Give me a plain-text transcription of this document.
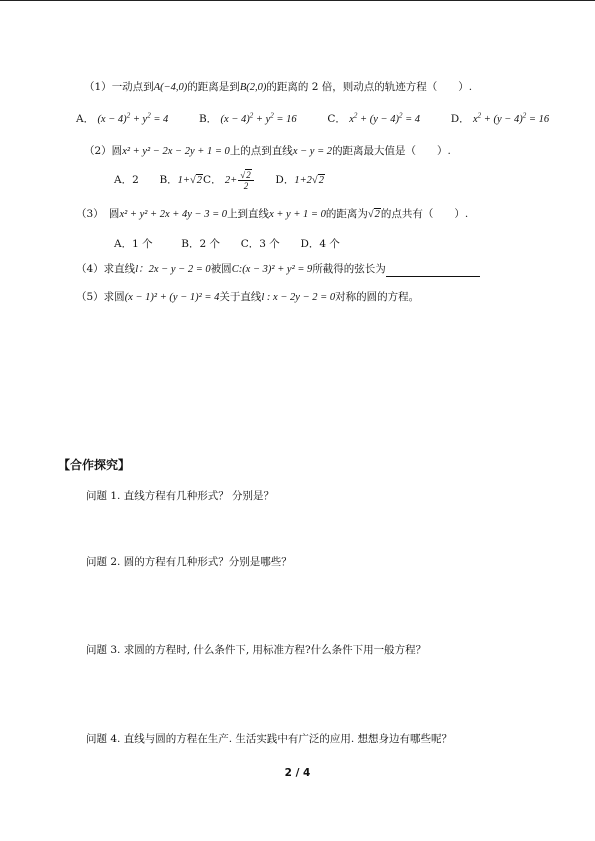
（1）一动点到A(−4,0)的距离是到B(2,0)的距离的 2 倍，则动点的轨迹方程（　　）.
A． $(x - 4)^2 + y^2 = 4$	B． $(x - 4)^2 + y^2 = 16$	C． $x^2 + (y - 4)^2 = 4$	D． $x^2 + (y - 4)^2 = 16$
（2）圆x² + y² − 2x − 2y + 1 = 0上的点到直线x − y = 2的距离最大值是（　　）.
A．2 B．1+√2C． $2+ \frac{√2}{2}$ D．1+2√2
（3）　圆x² + y² + 2x + 4y − 3 = 0上到直线x + y + 1 = 0的距离为√2的点共有（　　）.
A．1 个	B．2 个 C．3 个 D．4 个
（4）求直线l：2x − y − 2 = 0被圆C:(x − 3)² + y² = 9所截得的弦长为
（5）求圆(x − 1)² + (y − 1)² = 4关于直线l : x − 2y − 2 = 0对称的圆的方程。
【合作探究】
问题 1. 直线方程有几种形式？ 分别是？
问题 2. 圆的方程有几种形式？分别是哪些？
问题 3. 求圆的方程时, 什么条件下, 用标准方程?什么条件下用一般方程？
问题 4. 直线与圆的方程在生产. 生活实践中有广泛的应用. 想想身边有哪些呢？
2 / 4
